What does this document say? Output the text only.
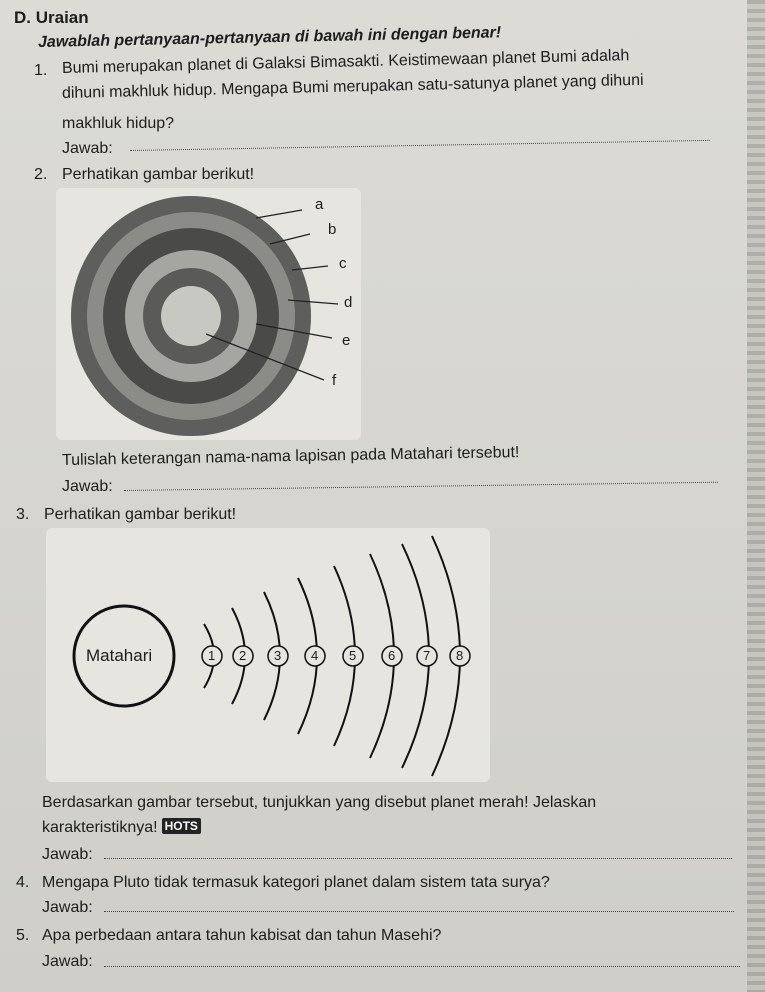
D. Uraian
Jawablah pertanyaan-pertanyaan di bawah ini dengan benar!
1. Bumi merupakan planet di Galaksi Bimasakti. Keistimewaan planet Bumi adalah
dihuni makhluk hidup. Mengapa Bumi merupakan satu-satunya planet yang dihuni
makhluk hidup?
Jawab:
2. Perhatikan gambar berikut!
a
b
c
d
e
f
Tulislah keterangan nama-nama lapisan pada Matahari tersebut!
Jawab:
3. Perhatikan gambar berikut!
Matahari	1 2 3 4 5 6 7 8
Berdasarkan gambar tersebut, tunjukkan yang disebut planet merah! Jelaskan
karakteristiknya! HOTS
Jawab:
4. Mengapa Pluto tidak termasuk kategori planet dalam sistem tata surya?
Jawab:
5. Apa perbedaan antara tahun kabisat dan tahun Masehi?
Jawab:
